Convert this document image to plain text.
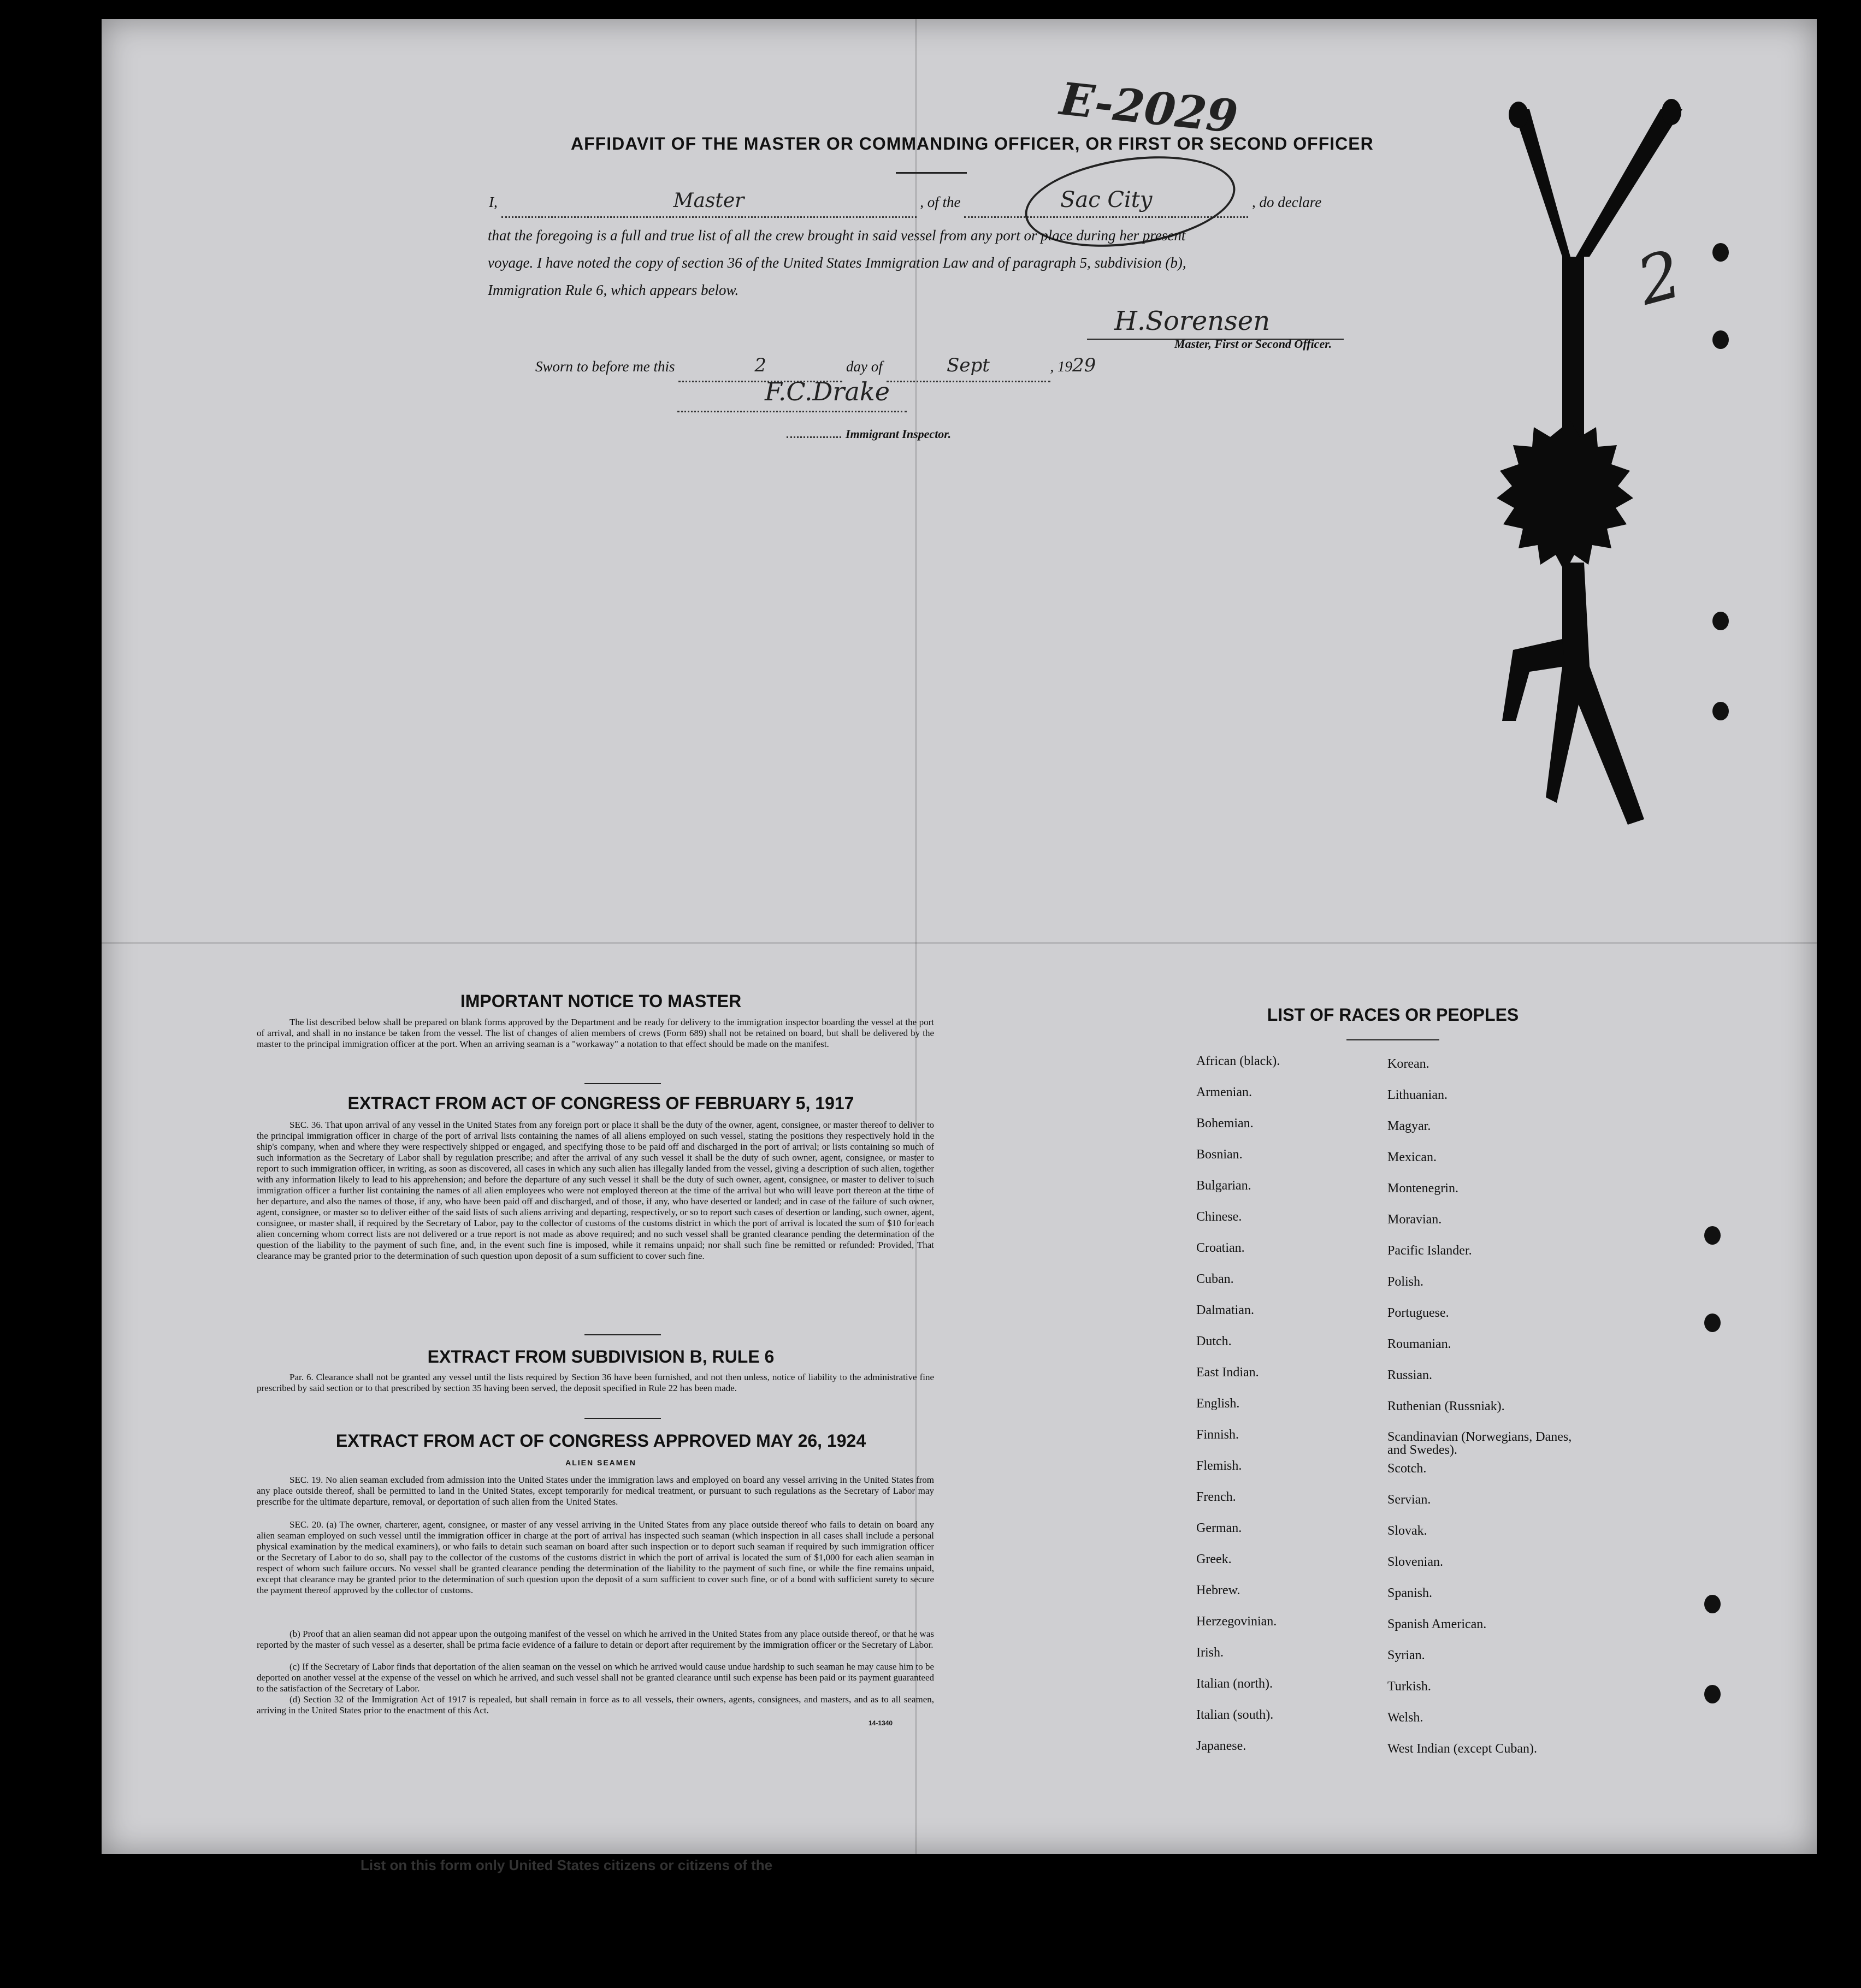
E-2029
AFFIDAVIT OF THE MASTER OR COMMANDING OFFICER, OR FIRST OR SECOND OFFICER
I,	Master	, of the	Sac City	, do declare
that the foregoing is a full and true list of all the crew brought in said vessel from any port or place during her present
voyage. I have noted the copy of section 36 of the United States Immigration Law and of paragraph 5, subdivision (b),
Immigration Rule 6, which appears below.
H.Sorensen
Master, First or Second Officer.
Sworn to before me this	2	day of	Sept	, 1929
F.C.Drake
Immigrant Inspector.
2
IMPORTANT NOTICE TO MASTER
The list described below shall be prepared on blank forms approved by the Department and be ready for delivery to the immigration inspector boarding the vessel at the port of arrival, and shall in no instance be taken from the vessel. The list of changes of alien members of crews (Form 689) shall not be retained on board, but shall be delivered by the master to the principal immigration officer at the port. When an arriving seaman is a "workaway" a notation to that effect should be made on the manifest.
EXTRACT FROM ACT OF CONGRESS OF FEBRUARY 5, 1917
SEC. 36. That upon arrival of any vessel in the United States from any foreign port or place it shall be the duty of the owner, agent, consignee, or master thereof to deliver to the principal immigration officer in charge of the port of arrival lists containing the names of all aliens employed on such vessel, stating the positions they respectively hold in the ship's company, when and where they were respectively shipped or engaged, and specifying those to be paid off and discharged in the port of arrival; or lists containing so much of such information as the Secretary of Labor shall by regulation prescribe; and after the arrival of any such vessel it shall be the duty of such owner, agent, consignee, or master to report to such immigration officer, in writing, as soon as discovered, all cases in which any such alien has illegally landed from the vessel, giving a description of such alien, together with any information likely to lead to his apprehension; and before the departure of any such vessel it shall be the duty of such owner, agent, consignee, or master to deliver to such immigration officer a further list containing the names of all alien employees who were not employed thereon at the time of the arrival but who will leave port thereon at the time of her departure, and also the names of those, if any, who have been paid off and discharged, and of those, if any, who have deserted or landed; and in case of the failure of such owner, agent, consignee, or master so to deliver either of the said lists of such aliens arriving and departing, respectively, or so to report such cases of desertion or landing, such owner, agent, consignee, or master shall, if required by the Secretary of Labor, pay to the collector of customs of the customs district in which the port of arrival is located the sum of $10 for each alien concerning whom correct lists are not delivered or a true report is not made as above required; and no such vessel shall be granted clearance pending the determination of the question of the liability to the payment of such fine, and, in the event such fine is imposed, while it remains unpaid; nor shall such fine be remitted or refunded: Provided, That clearance may be granted prior to the determination of such question upon deposit of a sum sufficient to cover such fine.
EXTRACT FROM SUBDIVISION B, RULE 6
Par. 6. Clearance shall not be granted any vessel until the lists required by Section 36 have been furnished, and not then unless, notice of liability to the administrative fine prescribed by said section or to that prescribed by section 35 having been served, the deposit specified in Rule 22 has been made.
EXTRACT FROM ACT OF CONGRESS APPROVED MAY 26, 1924
ALIEN SEAMEN
SEC. 19. No alien seaman excluded from admission into the United States under the immigration laws and employed on board any vessel arriving in the United States from any place outside thereof, shall be permitted to land in the United States, except temporarily for medical treatment, or pursuant to such regulations as the Secretary of Labor may prescribe for the ultimate departure, removal, or deportation of such alien from the United States.
SEC. 20. (a) The owner, charterer, agent, consignee, or master of any vessel arriving in the United States from any place outside thereof who fails to detain on board any alien seaman employed on such vessel until the immigration officer in charge at the port of arrival has inspected such seaman (which inspection in all cases shall include a personal physical examination by the medical examiners), or who fails to detain such seaman on board after such inspection or to deport such seaman if required by such immigration officer or the Secretary of Labor to do so, shall pay to the collector of the customs of the customs district in which the port of arrival is located the sum of $1,000 for each alien seaman in respect of whom such failure occurs. No vessel shall be granted clearance pending the determination of the liability to the payment of such fine, or while the fine remains unpaid, except that clearance may be granted prior to the determination of such question upon the deposit of a sum sufficient to cover such fine, or of a bond with sufficient surety to secure the payment thereof approved by the collector of customs.
(b) Proof that an alien seaman did not appear upon the outgoing manifest of the vessel on which he arrived in the United States from any place outside thereof, or that he was reported by the master of such vessel as a deserter, shall be prima facie evidence of a failure to detain or deport after requirement by the immigration officer or the Secretary of Labor.
(c) If the Secretary of Labor finds that deportation of the alien seaman on the vessel on which he arrived would cause undue hardship to such seaman he may cause him to be deported on another vessel at the expense of the vessel on which he arrived, and such vessel shall not be granted clearance until such expense has been paid or its payment guaranteed to the satisfaction of the Secretary of Labor.
(d) Section 32 of the Immigration Act of 1917 is repealed, but shall remain in force as to all vessels, their owners, agents, consignees, and masters, and as to all seamen, arriving in the United States prior to the enactment of this Act.
14-1340
LIST OF RACES OR PEOPLES
African (black).
Armenian.
Bohemian.
Bosnian.
Bulgarian.
Chinese.
Croatian.
Cuban.
Dalmatian.
Dutch.
East Indian.
English.
Finnish.
Flemish.
French.
German.
Greek.
Hebrew.
Herzegovinian.
Irish.
Italian (north).
Italian (south).
Japanese.
Korean.
Lithuanian.
Magyar.
Mexican.
Montenegrin.
Moravian.
Pacific Islander.
Polish.
Portuguese.
Roumanian.
Russian.
Ruthenian (Russniak).
Scandinavian (Norwegians, Danes, and Swedes).
Scotch.
Servian.
Slovak.
Slovenian.
Spanish.
Spanish American.
Syrian.
Turkish.
Welsh.
West Indian (except Cuban).
List on this form only United States citizens or citizens of the
